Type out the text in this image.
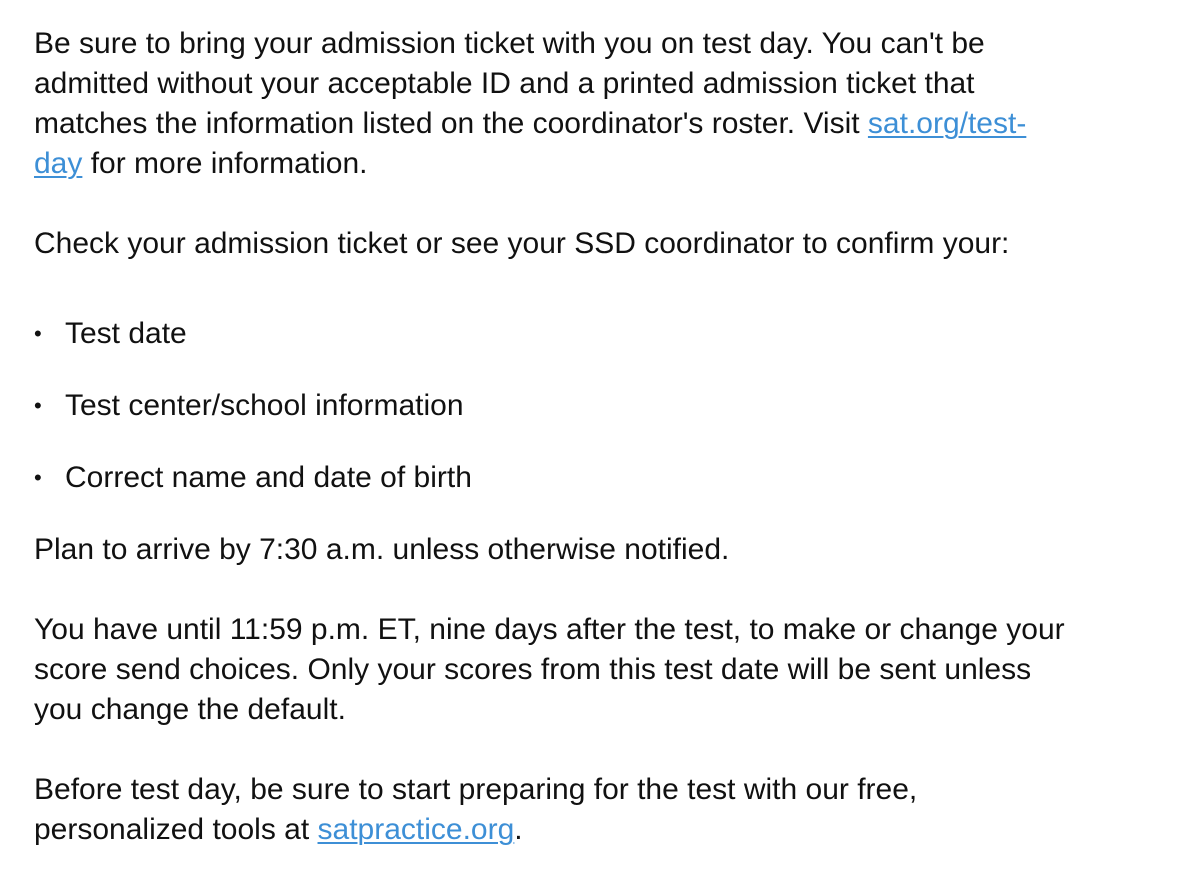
Be sure to bring your admission ticket with you on test day. You can't be

admitted without your acceptable ID and a printed admission ticket that

matches the information listed on the coordinator's roster. Visit sat.org/test-

day for more information.

Check your admission ticket or see your SSD coordinator to confirm your:

• Test date
• Test center/school information
• Correct name and date of birth

Plan to arrive by 7:30 a.m. unless otherwise notified.

You have until 11:59 p.m. ET, nine days after the test, to make or change your

score send choices. Only your scores from this test date will be sent unless

you change the default.

Before test day, be sure to start preparing for the test with our free,

personalized tools at satpractice.org.
